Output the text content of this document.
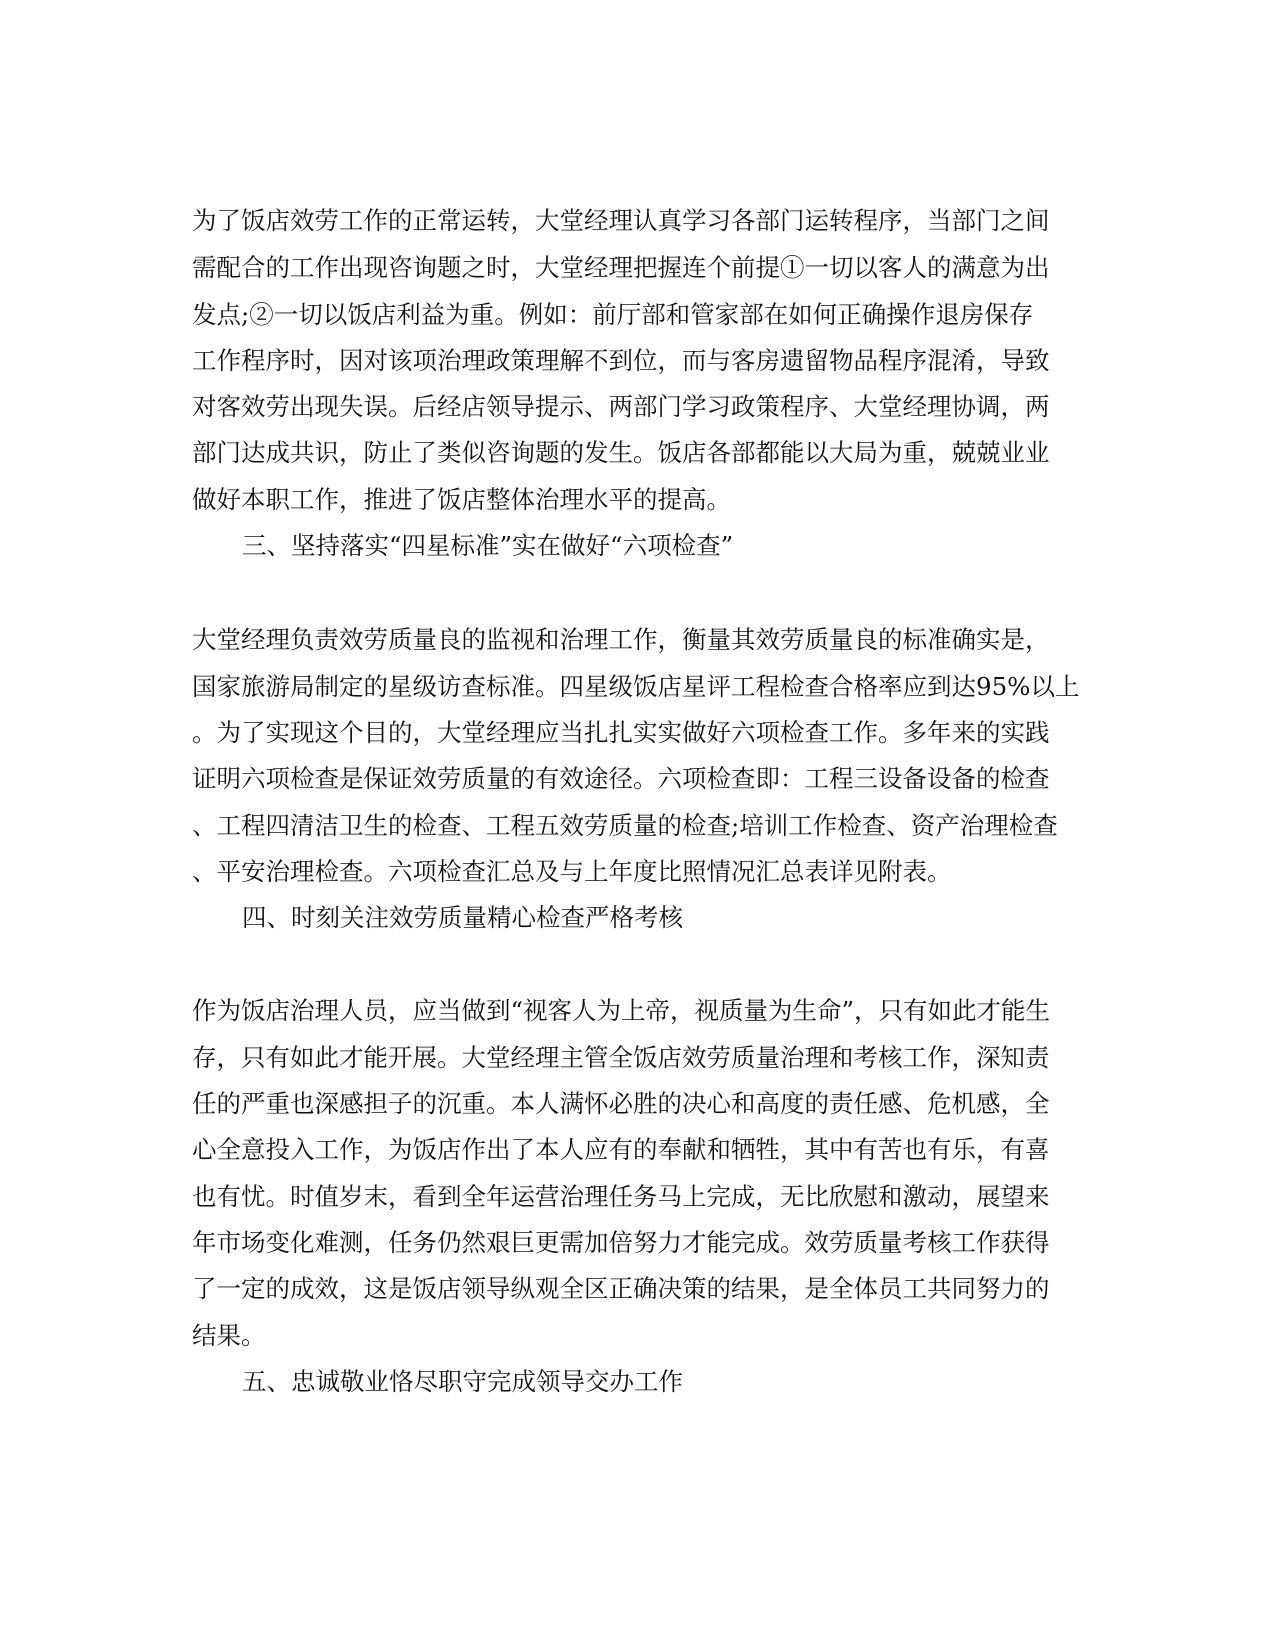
为了饭店效劳工作的正常运转，大堂经理认真学习各部门运转程序，当部门之间
需配合的工作出现咨询题之时，大堂经理把握连个前提①一切以客人的满意为出
发点;②一切以饭店利益为重。例如：前厅部和管家部在如何正确操作退房保存
工作程序时，因对该项治理政策理解不到位，而与客房遗留物品程序混淆，导致
对客效劳出现失误。后经店领导提示、两部门学习政策程序、大堂经理协调，两
部门达成共识，防止了类似咨询题的发生。饭店各部都能以大局为重，兢兢业业
做好本职工作，推进了饭店整体治理水平的提高。
三、坚持落实“四星标准”实在做好“六项检查”
大堂经理负责效劳质量良的监视和治理工作，衡量其效劳质量良的标准确实是，
国家旅游局制定的星级访查标准。四星级饭店星评工程检查合格率应到达95%以上
。为了实现这个目的，大堂经理应当扎扎实实做好六项检查工作。多年来的实践
证明六项检查是保证效劳质量的有效途径。六项检查即：工程三设备设备的检查
、工程四清洁卫生的检查、工程五效劳质量的检查;培训工作检查、资产治理检查
、平安治理检查。六项检查汇总及与上年度比照情况汇总表详见附表。
四、时刻关注效劳质量精心检查严格考核
作为饭店治理人员，应当做到“视客人为上帝，视质量为生命”，只有如此才能生
存，只有如此才能开展。大堂经理主管全饭店效劳质量治理和考核工作，深知责
任的严重也深感担子的沉重。本人满怀必胜的决心和高度的责任感、危机感，全
心全意投入工作，为饭店作出了本人应有的奉献和牺牲，其中有苦也有乐，有喜
也有忧。时值岁末，看到全年运营治理任务马上完成，无比欣慰和激动，展望来
年市场变化难测，任务仍然艰巨更需加倍努力才能完成。效劳质量考核工作获得
了一定的成效，这是饭店领导纵观全区正确决策的结果，是全体员工共同努力的
结果。
五、忠诚敬业恪尽职守完成领导交办工作
